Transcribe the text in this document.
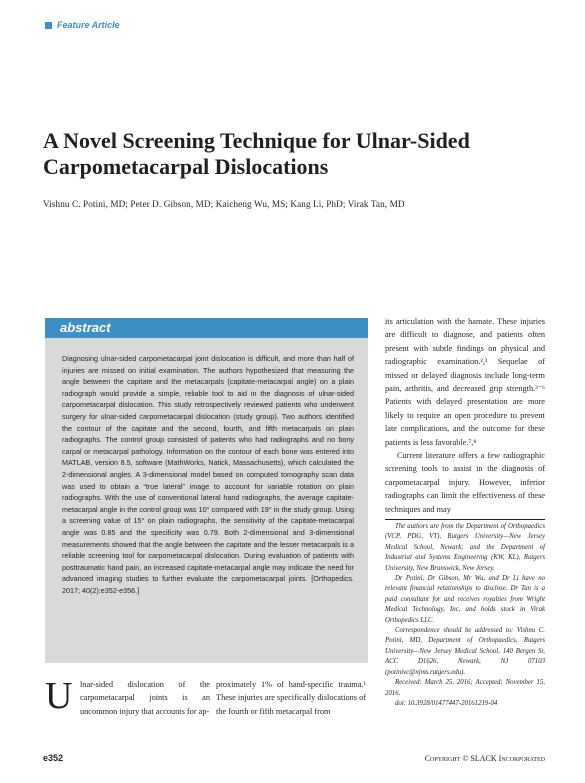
Feature Article
A Novel Screening Technique for Ulnar-Sided
Carpometacarpal Dislocations
Vishnu C. Potini, MD; Peter D. Gibson, MD; Kaicheng Wu, MS; Kang Li, PhD; Virak Tan, MD
abstract
Diagnosing ulnar-sided carpometacarpal joint dislocation is difficult, and more than half of injuries are missed on initial examination. The authors hypothesized that measuring the angle between the capitate and the metacarpals (capitate-metacarpal angle) on a plain radiograph would provide a simple, reliable tool to aid in the diagnosis of ulnar-sided carpometacarpal dislocation. This study retrospectively reviewed patients who underwent surgery for ulnar-sided carpometacarpal dislocation (study group). Two authors identified the contour of the capitate and the second, fourth, and fifth metacarpals on plain radiographs. The control group consisted of patients who had radiographs and no bony carpal or metacarpal pathology. Information on the contour of each bone was entered into MATLAB, version 8.5, software (MathWorks, Natick, Massachusetts), which calculated the 2-dimensional angles. A 3-dimensional model based on computed tomography scan data was used to obtain a “true lateral” image to account for variable rotation on plain radiographs. With the use of conventional lateral hand radiographs, the average capitate-metacarpal angle in the control group was 10° compared with 19° in the study group. Using a screening value of 15° on plain radiographs, the sensitivity of the capitate-metacarpal angle was 0.85 and the specificity was 0.79. Both 2-dimensional and 3-dimensional measurements showed that the angle between the capitate and the lesser metacarpals is a reliable screening tool for carpometacarpal dislocation. During evaluation of patients with posttraumatic hand pain, an increased capitate-metacarpal angle may indicate the need for advanced imaging studies to further evaluate the carpometacarpal joints. [Orthopedics. 2017; 40(2):e352-e356.]
U lnar-sided dislocation of the carpometacarpal joints is an uncommon injury that accounts for ap-
proximately 1% of hand-specific trauma.¹ These injuries are specifically dislocations of the fourth or fifth metacarpal from

its articulation with the hamate. These injuries are difficult to diagnose, and patients often present with subtle findings on physical and radiographic examination.²,³ Sequelae of missed or delayed diagnosis include long-term pain, arthritis, and decreased grip strength.³⁻⁶ Patients with delayed presentation are more likely to require an open procedure to prevent late complications, and the outcome for these patients is less favorable.⁷,⁸

Current literature offers a few radiographic screening tools to assist in the diagnosis of carpometacarpal injury. However, inferior radiographs can limit the effectiveness of these techniques and may

The authors are from the Department of Orthopaedics (VCP, PDG, VT), Rutgers University—New Jersey Medical School, Newark; and the Department of Industrial and Systems Engineering (KW, KL), Rutgers University, New Brunswick, New Jersey.

Dr Potini, Dr Gibson, Mr Wu, and Dr Li have no relevant financial relationships to disclose. Dr Tan is a paid consultant for and receives royalties from Wright Medical Technology, Inc, and holds stock in Virak Orthopedics LLC.

Correspondence should be addressed to: Vishnu C. Potini, MD, Department of Orthopaedics, Rutgers University—New Jersey Medical School, 140 Bergen St, ACC D1626, Newark, NJ 07103 (potinivc@njms.rutgers.edu).

Received: March 25, 2016; Accepted: November 15, 2016.

doi: 10.3928/01477447-20161219-04

e352	Copyright © SLACK Incorporated
